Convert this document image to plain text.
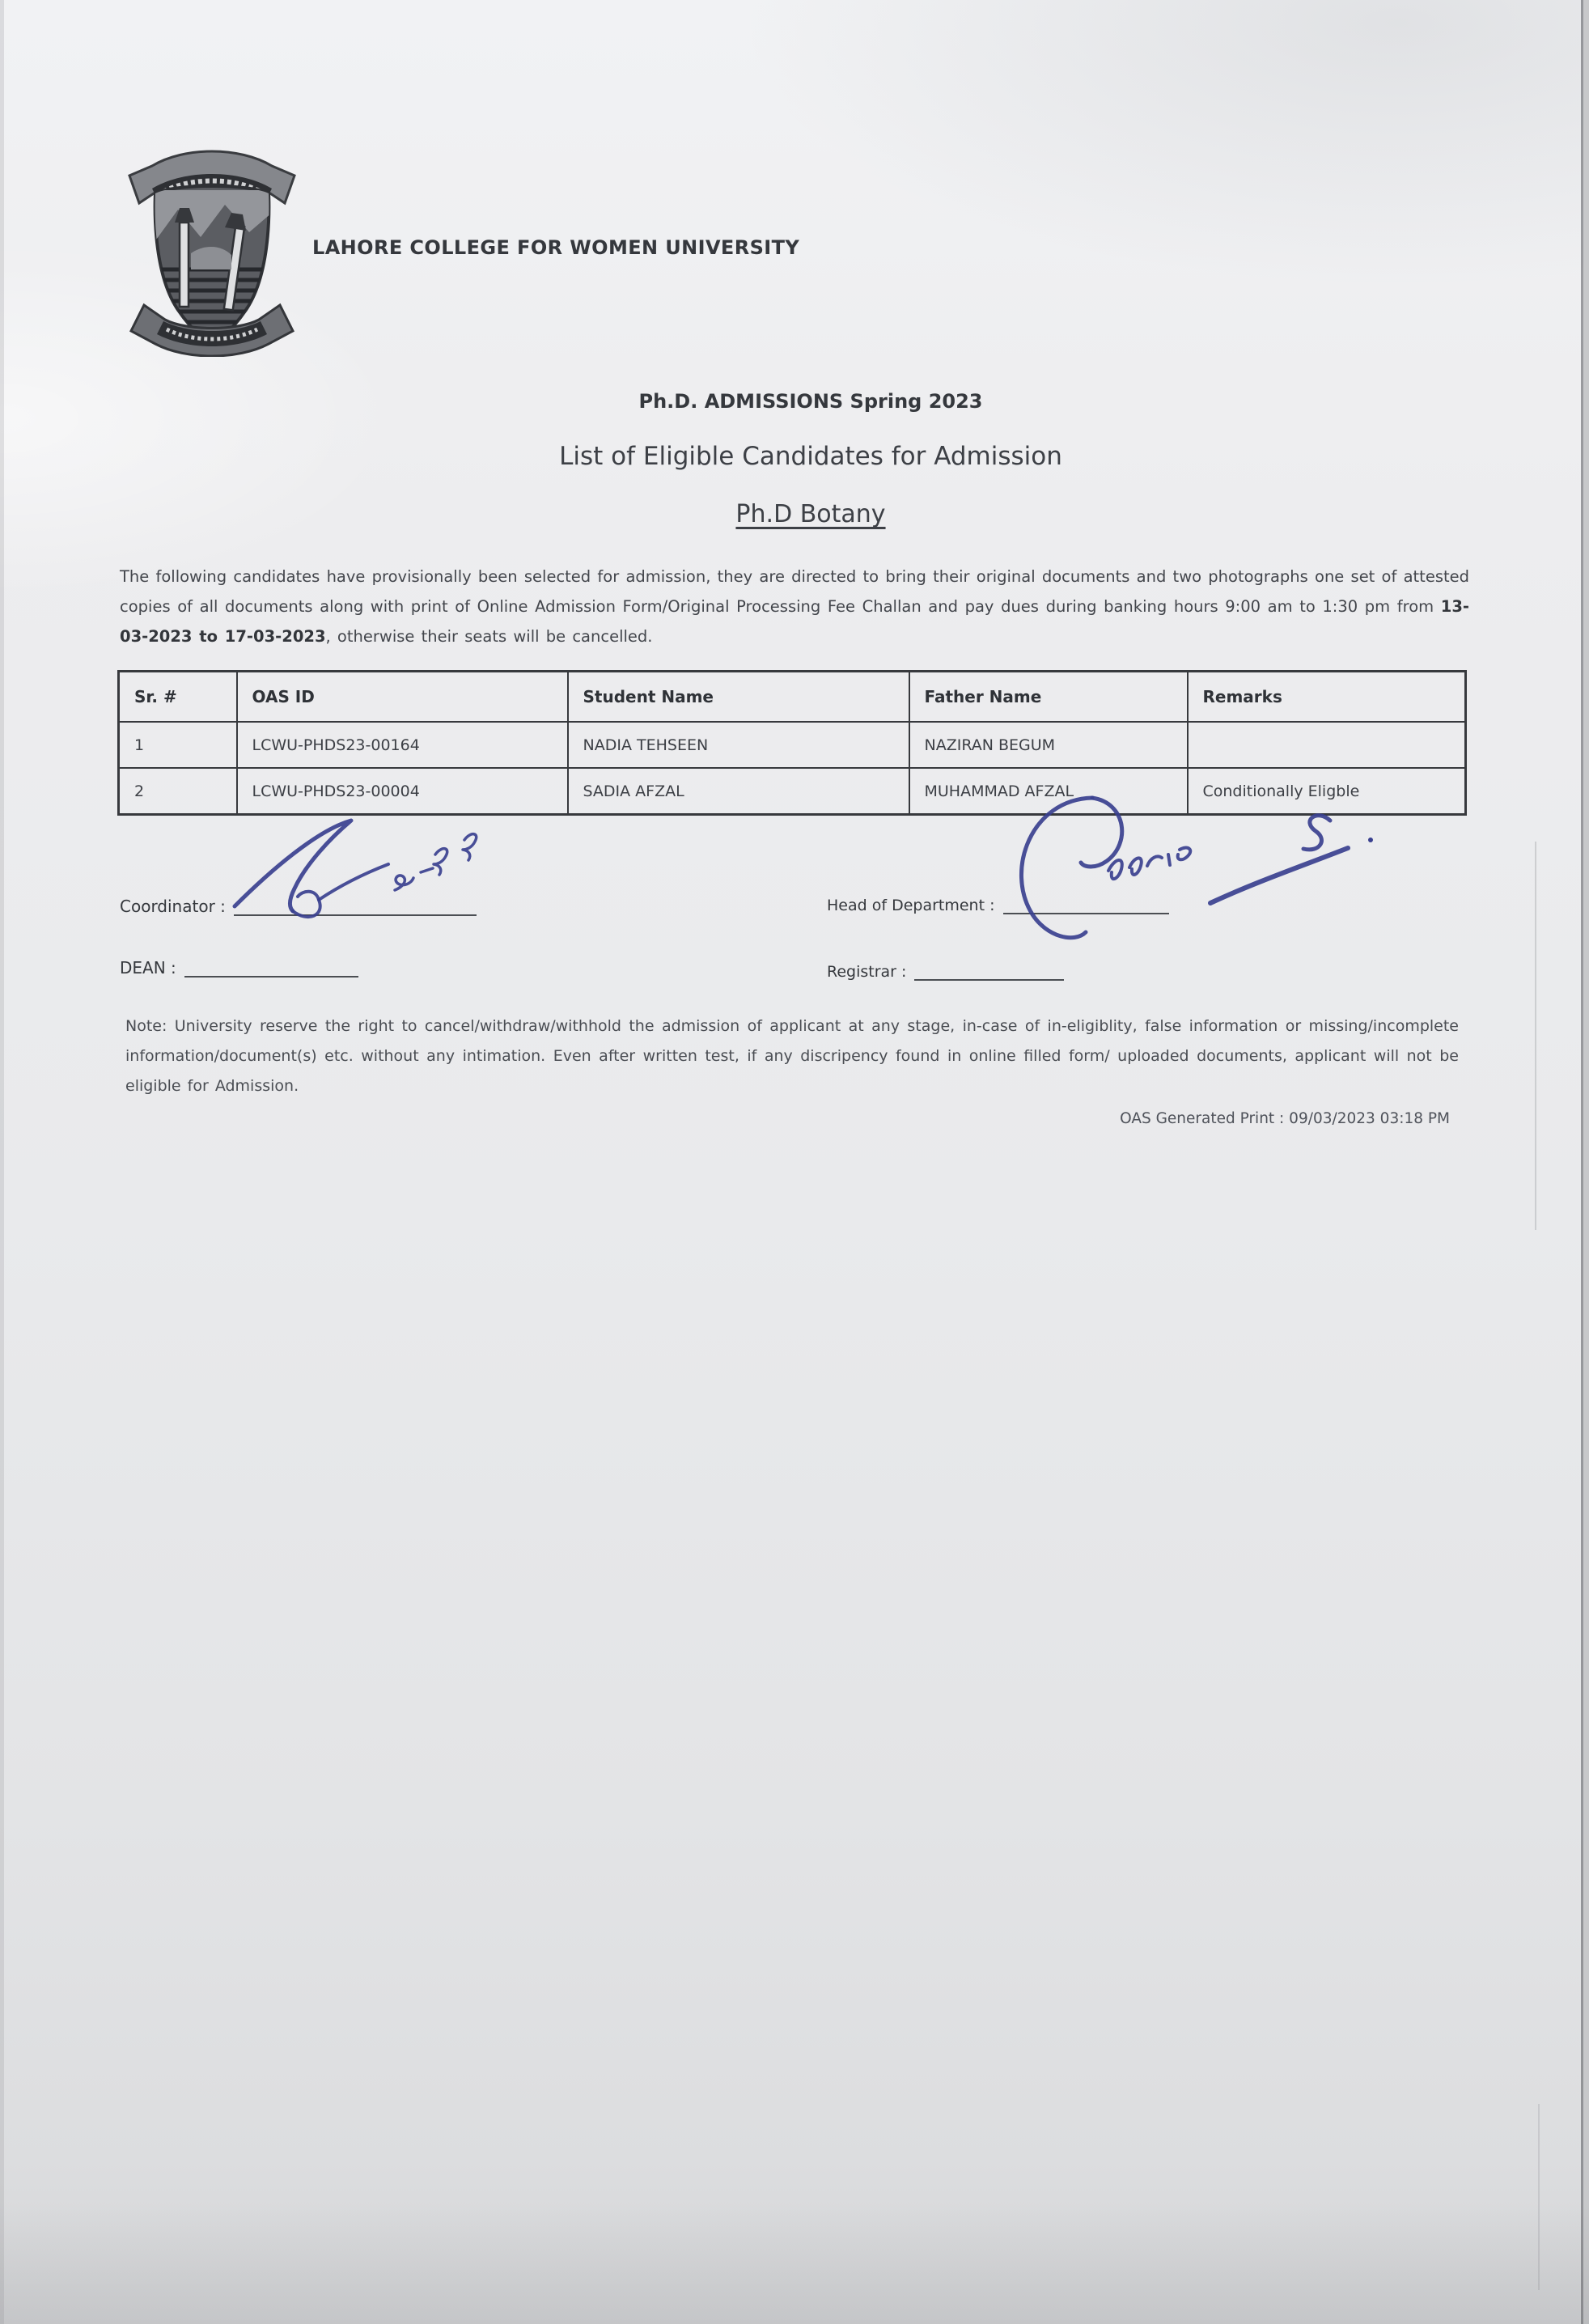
LAHORE COLLEGE FOR WOMEN UNIVERSITY
Ph.D. ADMISSIONS Spring 2023
List of Eligible Candidates for Admission
Ph.D Botany

The following candidates have provisionally been selected for admission, they are directed to bring their original documents and two photographs one set of attested copies of all documents along with print of Online Admission Form/Original Processing Fee Challan and pay dues during banking hours 9:00 am to 1:30 pm from 13-03-2023 to 17-03-2023, otherwise their seats will be cancelled.

Sr. #	OAS ID	Student Name	Father Name	Remarks
1	LCWU-PHDS23-00164	NADIA TEHSEEN	NAZIRAN BEGUM	
2	LCWU-PHDS23-00004	SADIA AFZAL	MUHAMMAD AFZAL	Conditionally Eligble
Coordinator :	Head of Department :
DEAN :	Registrar :

Note: University reserve the right to cancel/withdraw/withhold the admission of applicant at any stage, in-case of in-eligiblity, false information or missing/incomplete information/document(s) etc. without any intimation. Even after written test, if any discripency found in online filled form/ uploaded documents, applicant will not be eligible for Admission.

OAS Generated Print : 09/03/2023 03:18 PM
